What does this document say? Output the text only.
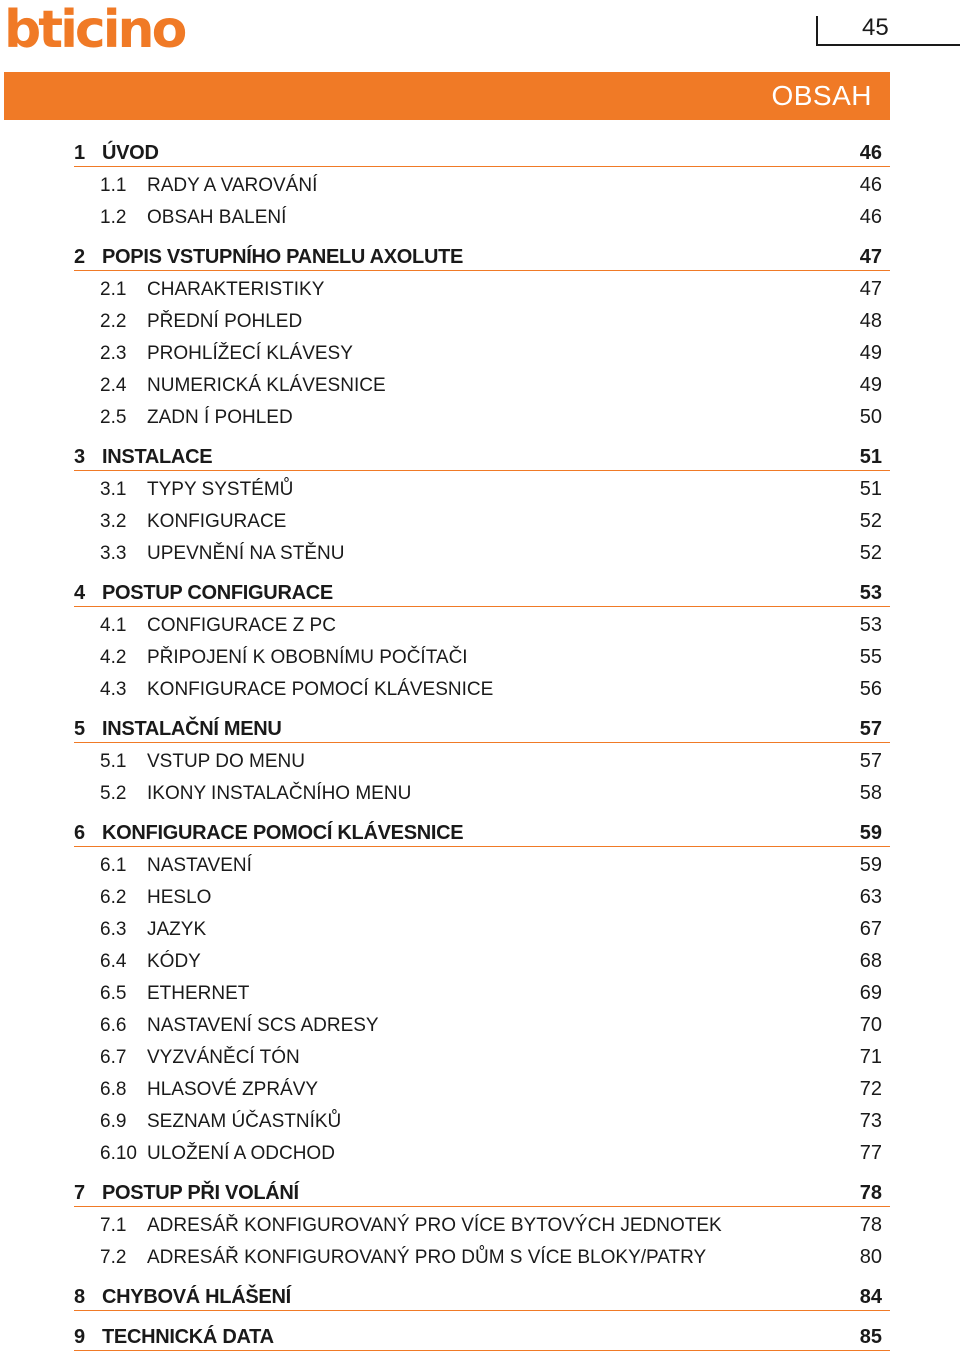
bticino	45
OBSAH
1 ÚVOD	46
1.1 RADY A VAROVÁNÍ	46
1.2 OBSAH BALENÍ	46
2 POPIS VSTUPNÍHO PANELU AXOLUTE	47
2.1 CHARAKTERISTIKY	47
2.2 PŘEDNÍ POHLED	48
2.3 PROHLÍŽECÍ KLÁVESY	49
2.4 NUMERICKÁ KLÁVESNICE	49
2.5 ZADN Í POHLED	50
3 INSTALACE	51
3.1 TYPY SYSTÉMŮ	51
3.2 KONFIGURACE	52
3.3 UPEVNĚNÍ NA STĚNU	52
4 POSTUP CONFIGURACE	53
4.1 CONFIGURACE Z PC	53
4.2 PŘIPOJENÍ K OBOBNÍMU POČÍTAČI	55
4.3 KONFIGURACE POMOCÍ KLÁVESNICE	56
5 INSTALAČNÍ MENU	57
5.1 VSTUP DO MENU	57
5.2 IKONY INSTALAČNÍHO MENU	58
6 KONFIGURACE POMOCÍ KLÁVESNICE	59
6.1 NASTAVENÍ	59
6.2 HESLO	63
6.3 JAZYK	67
6.4 KÓDY	68
6.5 ETHERNET	69
6.6 NASTAVENÍ SCS ADRESY	70
6.7 VYZVÁNĚCÍ TÓN	71
6.8 HLASOVÉ ZPRÁVY	72
6.9 SEZNAM ÚČASTNÍKŮ	73
6.10 ULOŽENÍ A ODCHOD	77
7 POSTUP PŘI VOLÁNÍ	78
7.1 ADRESÁŘ KONFIGUROVANÝ PRO VÍCE BYTOVÝCH JEDNOTEK	78
7.2 ADRESÁŘ KONFIGUROVANÝ PRO DŮM S VÍCE BLOKY/PATRY	80
8 CHYBOVÁ HLÁŠENÍ	84
9 TECHNICKÁ DATA	85
